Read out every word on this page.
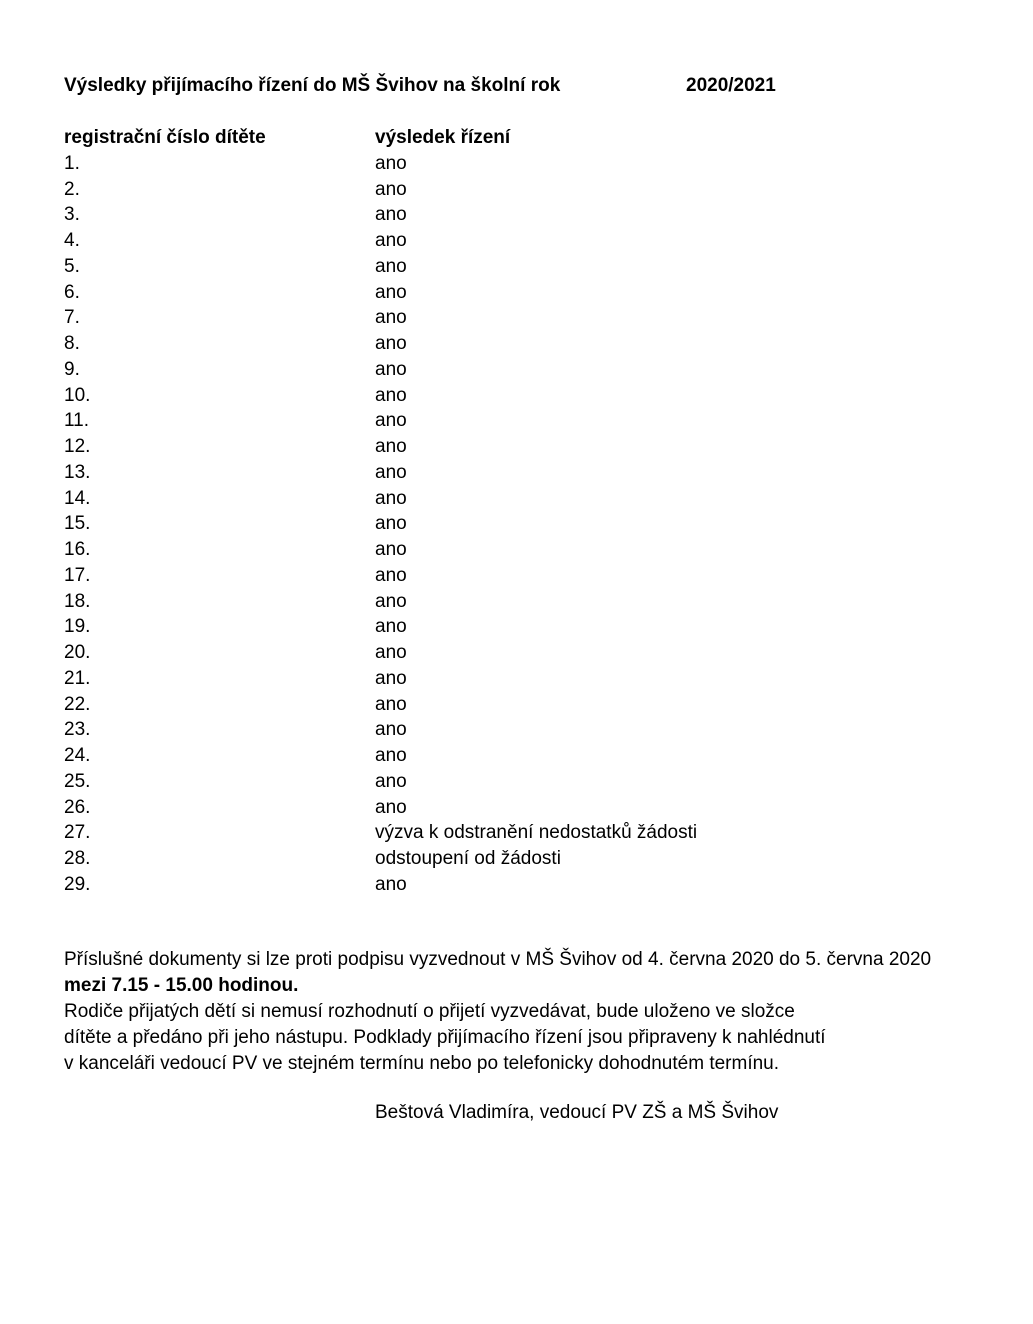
Výsledky přijímacího řízení do MŠ Švihov na školní rok	2020/2021
registrační číslo dítěte	výsledek řízení
1.	ano
2.	ano
3.	ano
4.	ano
5.	ano
6.	ano
7.	ano
8.	ano
9.	ano
10.	ano
11.	ano
12.	ano
13.	ano
14.	ano
15.	ano
16.	ano
17.	ano
18.	ano
19.	ano
20.	ano
21.	ano
22.	ano
23.	ano
24.	ano
25.	ano
26.	ano
27.	výzva k odstranění nedostatků žádosti
28.	odstoupení od žádosti
29.	ano
Příslušné dokumenty si lze proti podpisu vyzvednout v MŠ Švihov od 4. června 2020 do 5. června 2020
mezi 7.15 - 15.00 hodinou.
Rodiče přijatých dětí si nemusí rozhodnutí o přijetí vyzvedávat, bude uloženo ve složce
dítěte a předáno při jeho nástupu. Podklady přijímacího řízení jsou připraveny k nahlédnutí
v kanceláři vedoucí PV ve stejném termínu nebo po telefonicky dohodnutém termínu.
Beštová Vladimíra, vedoucí PV ZŠ a MŠ Švihov
